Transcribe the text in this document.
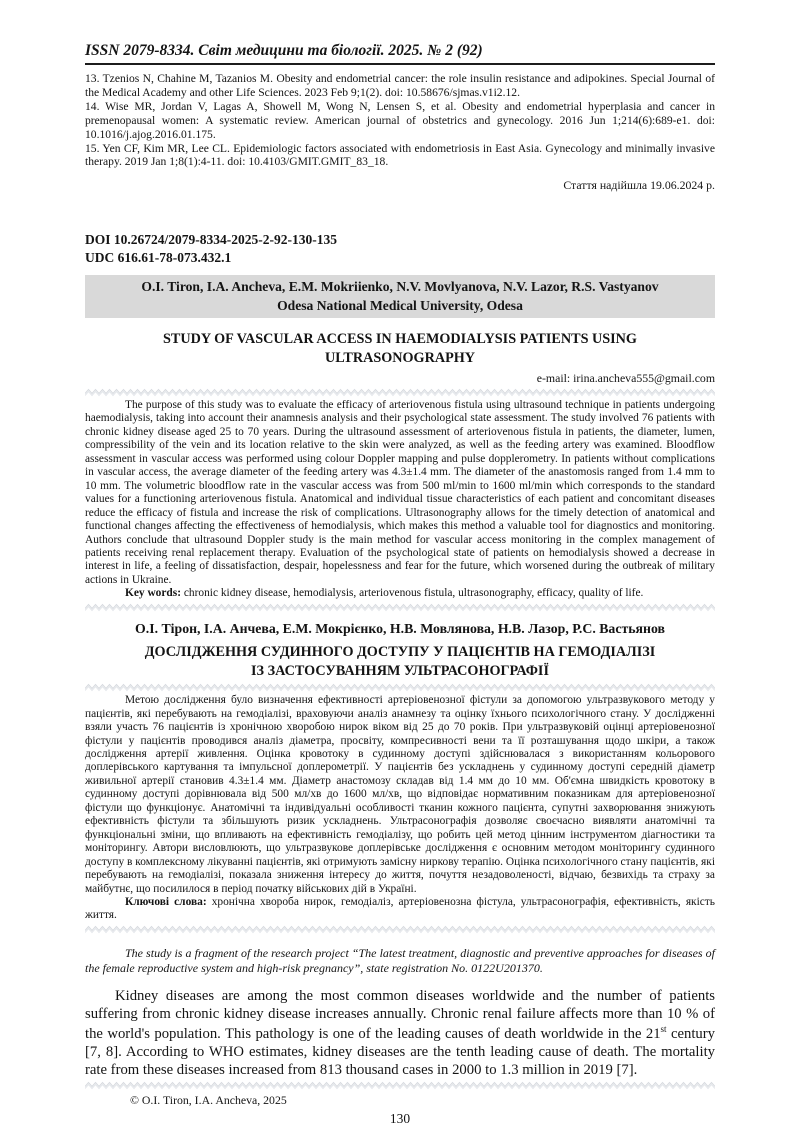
ISSN 2079-8334. Світ медицини та біології. 2025. № 2 (92)

13. Tzenios N, Chahine M, Tazanios M. Obesity and endometrial cancer: the role insulin resistance and adipokines. Special Journal of the Medical Academy and other Life Sciences. 2023 Feb 9;1(2). doi: 10.58676/sjmas.v1i2.12.

14. Wise MR, Jordan V, Lagas A, Showell M, Wong N, Lensen S, et al. Obesity and endometrial hyperplasia and cancer in premenopausal women: A systematic review. American journal of obstetrics and gynecology. 2016 Jun 1;214(6):689-e1. doi: 10.1016/j.ajog.2016.01.175.

15. Yen CF, Kim MR, Lee CL. Epidemiologic factors associated with endometriosis in East Asia. Gynecology and minimally invasive therapy. 2019 Jan 1;8(1):4-11. doi: 10.4103/GMIT.GMIT_83_18.

Стаття надійшла 19.06.2024 р.

DOI 10.26724/2079-8334-2025-2-92-130-135

UDC 616.61-78-073.432.1

O.I. Tiron, I.A. Ancheva, E.M. Mokriienko, N.V. Movlyanova, N.V. Lazor, R.S. Vastyanov
Odesa National Medical University, Odesa
STUDY OF VASCULAR ACCESS IN HAEMODIALYSIS PATIENTS USING
ULTRASONOGRAPHY

e-mail: irina.ancheva555@gmail.com

The purpose of this study was to evaluate the efficacy of arteriovenous fistula using ultrasound technique in patients undergoing haemodialysis, taking into account their anamnesis analysis and their psychological state assessment. The study involved 76 patients with chronic kidney disease aged 25 to 70 years. During the ultrasound assessment of arteriovenous fistula in patients, the diameter, lumen, compressibility of the vein and its location relative to the skin were analyzed, as well as the feeding artery was examined. Bloodflow assessment in vascular access was performed using colour Doppler mapping and pulse dopplerometry. In patients without complications in vascular access, the average diameter of the feeding artery was 4.3±1.4 mm. The diameter of the anastomosis ranged from 1.4 mm to 10 mm. The volumetric bloodflow rate in the vascular access was from 500 ml/min to 1600 ml/min which corresponds to the standard values for a functioning arteriovenous fistula. Anatomical and individual tissue characteristics of each patient and concomitant diseases reduce the efficacy of fistula and increase the risk of complications. Ultrasonography allows for the timely detection of anatomical and functional changes affecting the effectiveness of hemodialysis, which makes this method a valuable tool for diagnostics and monitoring. Authors conclude that ultrasound Doppler study is the main method for vascular access monitoring in the complex management of patients receiving renal replacement therapy. Evaluation of the psychological state of patients on hemodialysis showed a decrease in interest in life, a feeling of dissatisfaction, despair, hopelessness and fear for the future, which worsened during the outbreak of military actions in Ukraine.

Key words: chronic kidney disease, hemodialysis, arteriovenous fistula, ultrasonography, efficacy, quality of life.

О.І. Тірон, І.А. Анчева, Е.М. Мокрієнко, Н.В. Мовлянова, Н.В. Лазор, Р.С. Вастьянов
ДОСЛІДЖЕННЯ СУДИННОГО ДОСТУПУ У ПАЦІЄНТІВ НА ГЕМОДІАЛІЗІ
ІЗ ЗАСТОСУВАННЯМ УЛЬТРАСОНОГРАФІЇ

Метою дослідження було визначення ефективності артеріовенозної фістули за допомогою ультразвукового методу у пацієнтів, які перебувають на гемодіалізі, враховуючи аналіз анамнезу та оцінку їхнього психологічного стану. У дослідженні взяли участь 76 пацієнтів із хронічною хворобою нирок віком від 25 до 70 років. При ультразвуковій оцінці артеріовенозної фістули у пацієнтів проводився аналіз діаметра, просвіту, компресивності вени та її розташування щодо шкіри, а також дослідження артерії живлення. Оцінка кровотоку в судинному доступі здійснювалася з використанням кольорового доплерівського картування та імпульсної доплерометрії. У пацієнтів без ускладнень у судинному доступі середній діаметр живильної артерії становив 4.3±1.4 мм. Діаметр анастомозу складав від 1.4 мм до 10 мм. Об'ємна швидкість кровотоку в судинному доступі дорівнювала від 500 мл/хв до 1600 мл/хв, що відповідає нормативним показникам для артеріовенозної фістули що функціонує. Анатомічні та індивідуальні особливості тканин кожного пацієнта, супутні захворювання знижують ефективність фістули та збільшують ризик ускладнень. Ультрасонографія дозволяє своєчасно виявляти анатомічні та функціональні зміни, що впливають на ефективність гемодіалізу, що робить цей метод цінним інструментом діагностики та моніторингу. Автори висловлюють, що ультразвукове доплерівське дослідження є основним методом моніторингу судинного доступу в комплексному лікуванні пацієнтів, які отримують замісну ниркову терапію. Оцінка психологічного стану пацієнтів, які перебувають на гемодіалізі, показала зниження інтересу до життя, почуття незадоволеності, відчаю, безвихідь та страху за майбутнє, що посилилося в період початку військових дій в Україні.

Ключові слова: хронічна хвороба нирок, гемодіаліз, артеріовенозна фістула, ультрасонографія, ефективність, якість життя.

The study is a fragment of the research project “The latest treatment, diagnostic and preventive approaches for diseases of the female reproductive system and high-risk pregnancy”, state registration No. 0122U201370.

Kidney diseases are among the most common diseases worldwide and the number of patients suffering from chronic kidney disease increases annually. Chronic renal failure affects more than 10 % of the world's population. This pathology is one of the leading causes of death worldwide in the 21st century [7, 8]. According to WHO estimates, kidney diseases are the tenth leading cause of death. The mortality rate from these diseases increased from 813 thousand cases in 2000 to 1.3 million in 2019 [7].

© O.I. Tiron, I.A. Ancheva, 2025

130
